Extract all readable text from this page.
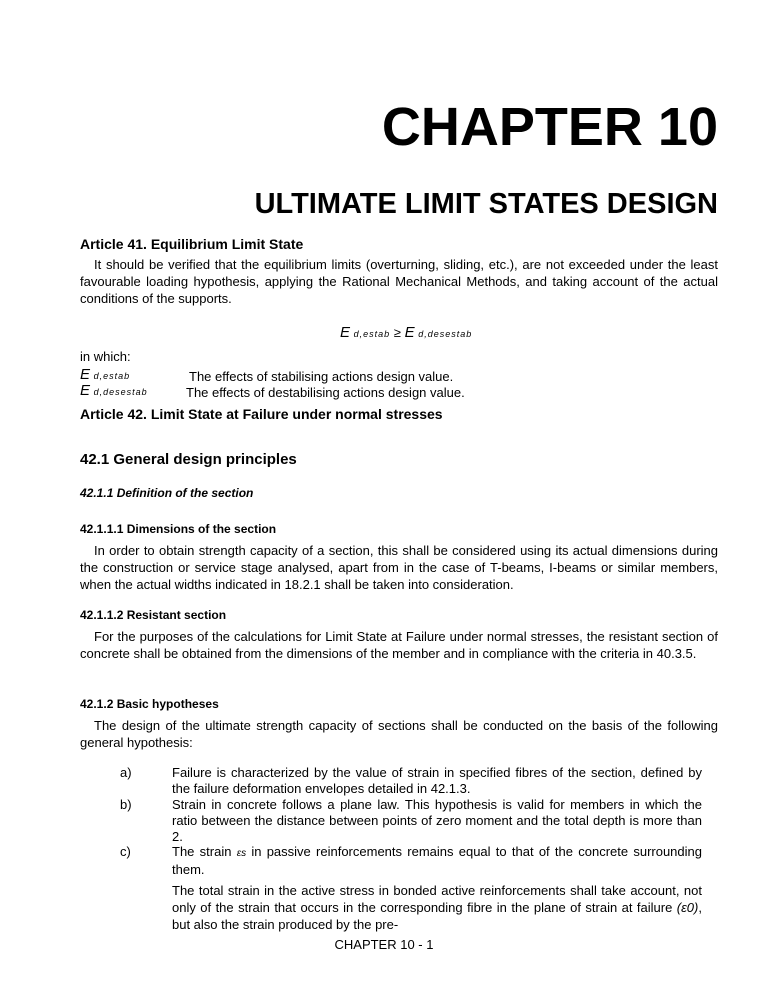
CHAPTER 10
ULTIMATE LIMIT STATES DESIGN
Article 41. Equilibrium Limit State

It should be verified that the equilibrium limits (overturning, sliding, etc.), are not exceeded under the least favourable loading hypothesis, applying the Rational Mechanical Methods, and taking account of the actual conditions of the supports.

E d,estab ≥ E d,desestab
in which:
E d,estab	The effects of stabilising actions design value.
E d,desestab	The effects of destabilising actions design value.
Article 42. Limit State at Failure under normal stresses
42.1 General design principles
42.1.1 Definition of the section
42.1.1.1 Dimensions of the section

In order to obtain strength capacity of a section, this shall be considered using its actual dimensions during the construction or service stage analysed, apart from in the case of T-beams, I-beams or similar members, when the actual widths indicated in 18.2.1 shall be taken into consideration.

42.1.1.2 Resistant section

For the purposes of the calculations for Limit State at Failure under normal stresses, the resistant section of concrete shall be obtained from the dimensions of the member and in compliance with the criteria in 40.3.5.

42.1.2 Basic hypotheses

The design of the ultimate strength capacity of sections shall be conducted on the basis of the following general hypothesis:

a)	Failure is characterized by the value of strain in specified fibres of the section, defined by the failure deformation envelopes detailed in 42.1.3.
b)	Strain in concrete follows a plane law. This hypothesis is valid for members in which the ratio between the distance between points of zero moment and the total depth is more than 2.
c)	The strain εs in passive reinforcements remains equal to that of the concrete surrounding them.
The total strain in the active stress in bonded active reinforcements shall take account, not only of the strain that occurs in the corresponding fibre in the plane of strain at failure (ε0), but also the strain produced by the pre-
CHAPTER 10 - 1
